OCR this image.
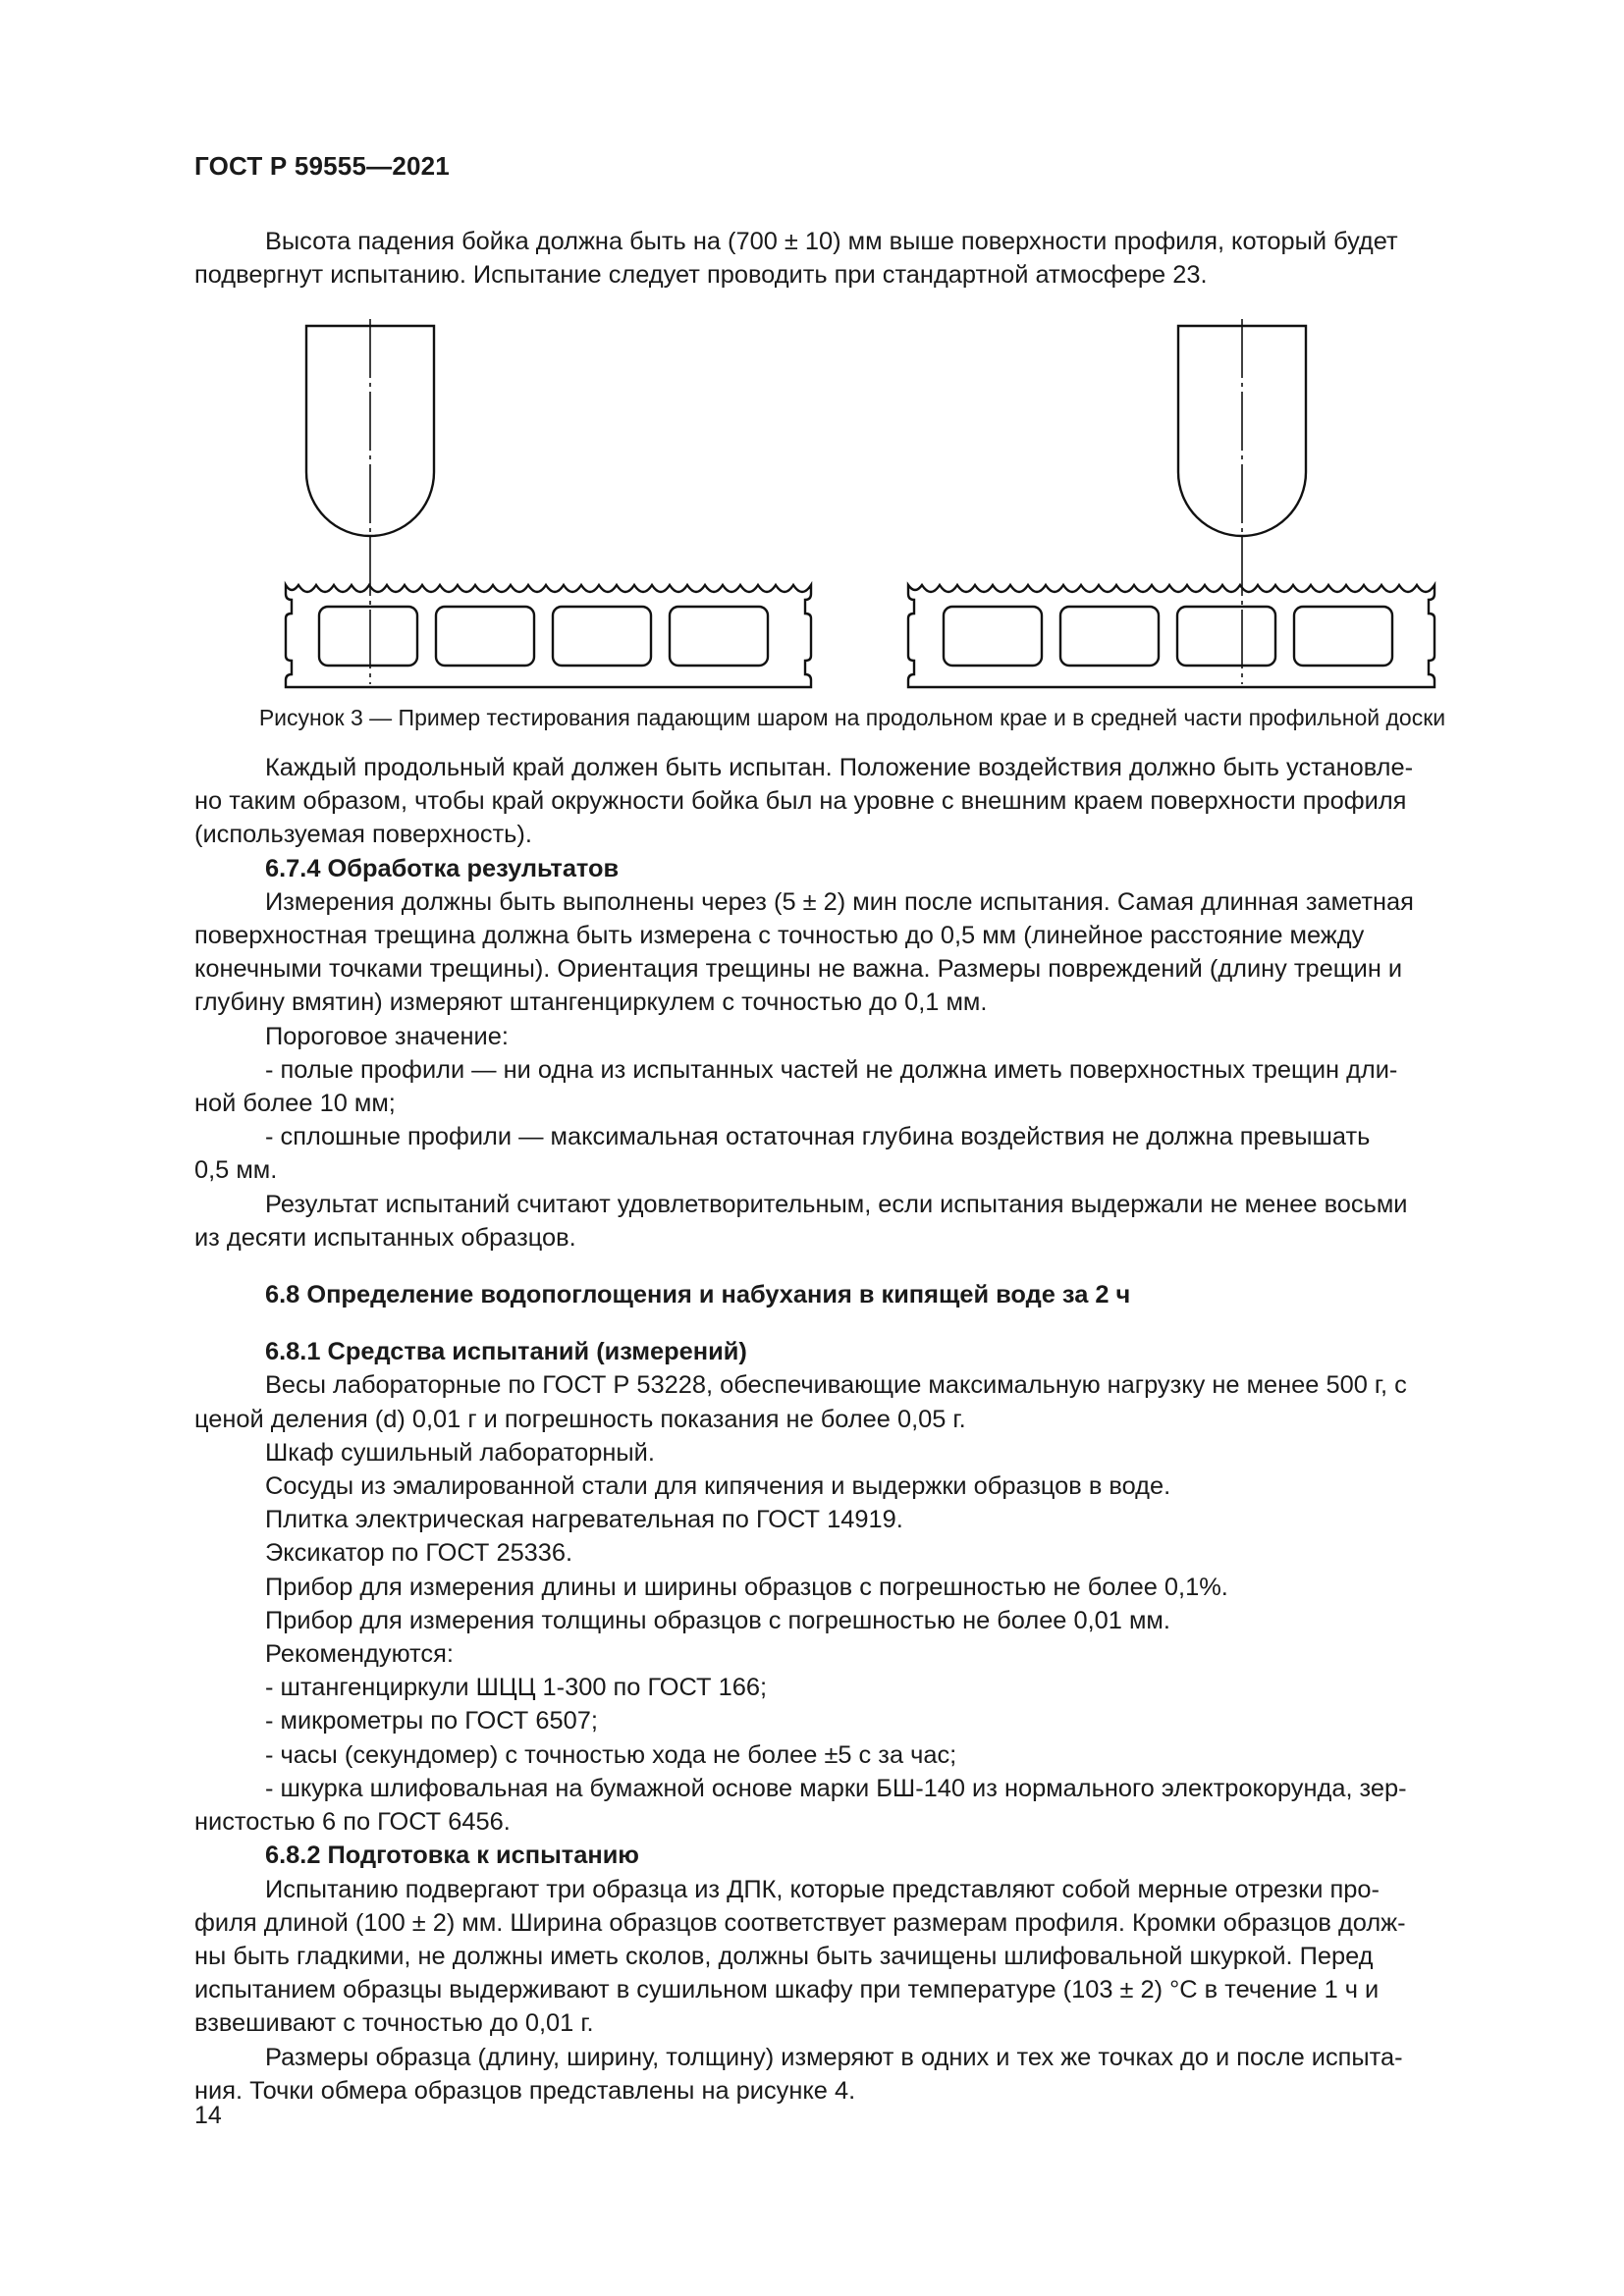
ГОСТ Р 59555—2021
Высота падения бойка должна быть на (700 ± 10) мм выше поверхности профиля, который будет
подвергнут испытанию. Испытание следует проводить при стандартной атмосфере 23.
Рисунок 3 — Пример тестирования падающим шаром на продольном крае и в средней части профильной доски
Каждый продольный край должен быть испытан. Положение воздействия должно быть установле-
но таким образом, чтобы край окружности бойка был на уровне с внешним краем поверхности профиля
(используемая поверхность).
6.7.4 Обработка результатов
Измерения должны быть выполнены через (5 ± 2) мин после испытания. Самая длинная заметная
поверхностная трещина должна быть измерена с точностью до 0,5 мм (линейное расстояние между
конечными точками трещины). Ориентация трещины не важна. Размеры повреждений (длину трещин и
глубину вмятин) измеряют штангенциркулем с точностью до 0,1 мм.
Пороговое значение:
- полые профили — ни одна из испытанных частей не должна иметь поверхностных трещин дли-
ной более 10 мм;
- сплошные профили — максимальная остаточная глубина воздействия не должна превышать
0,5 мм.
Результат испытаний считают удовлетворительным, если испытания выдержали не менее восьми
из десяти испытанных образцов.
6.8 Определение водопоглощения и набухания в кипящей воде за 2 ч
6.8.1 Средства испытаний (измерений)
Весы лабораторные по ГОСТ Р 53228, обеспечивающие максимальную нагрузку не менее 500 г, с
ценой деления (d) 0,01 г и погрешность показания не более 0,05 г.
Шкаф сушильный лабораторный.
Сосуды из эмалированной стали для кипячения и выдержки образцов в воде.
Плитка электрическая нагревательная по ГОСТ 14919.
Эксикатор по ГОСТ 25336.
Прибор для измерения длины и ширины образцов с погрешностью не более 0,1%.
Прибор для измерения толщины образцов с погрешностью не более 0,01 мм.
Рекомендуются:
- штангенциркули ШЦЦ 1-300 по ГОСТ 166;
- микрометры по ГОСТ 6507;
- часы (секундомер) с точностью хода не более ±5 с за час;
- шкурка шлифовальная на бумажной основе марки БШ-140 из нормального электрокорунда, зер-
нистостью 6 по ГОСТ 6456.
6.8.2 Подготовка к испытанию
Испытанию подвергают три образца из ДПК, которые представляют собой мерные отрезки про-
филя длиной (100 ± 2) мм. Ширина образцов соответствует размерам профиля. Кромки образцов долж-
ны быть гладкими, не должны иметь сколов, должны быть зачищены шлифовальной шкуркой. Перед
испытанием образцы выдерживают в сушильном шкафу при температуре (103 ± 2) °С в течение 1 ч и
взвешивают с точностью до 0,01 г.
Размеры образца (длину, ширину, толщину) измеряют в одних и тех же точках до и после испыта-
ния. Точки обмера образцов представлены на рисунке 4.
14
